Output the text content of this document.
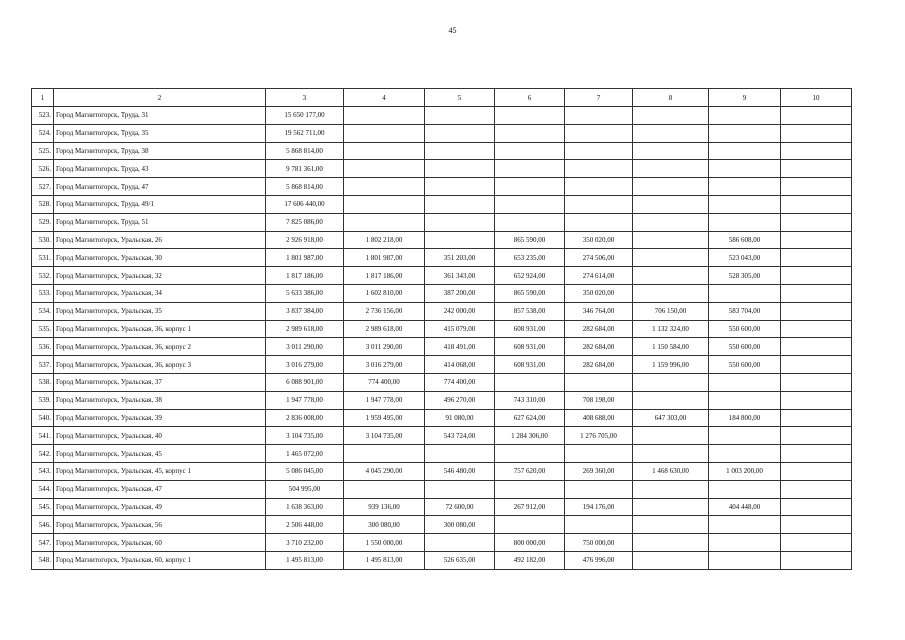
45
1	2	3	4	5	6	7	8	9	10
523.	Город Магнитогорск, Труда, 31	15 650 177,00							
524.	Город Магнитогорск, Труда, 35	19 562 711,00							
525.	Город Магнитогорск, Труда, 38	5 868 814,00							
526.	Город Магнитогорск, Труда, 43	9 781 361,00							
527.	Город Магнитогорск, Труда, 47	5 868 814,00							
528.	Город Магнитогорск, Труда, 49/1	17 606 440,00							
529.	Город Магнитогорск, Труда, 51	7 825 086,00							
530.	Город Магнитогорск, Уральская, 26	2 926 918,00	1 802 218,00		865 590,00	350 020,00		586 608,00	
531.	Город Магнитогорск, Уральская, 30	1 801 987,00	1 801 987,00	351 203,00	653 235,00	274 506,00		523 043,00	
532.	Город Магнитогорск, Уральская, 32	1 817 186,00	1 817 186,00	361 343,00	652 924,00	274 614,00		528 305,00	
533.	Город Магнитогорск, Уральская, 34	5 633 386,00	1 602 810,00	387 200,00	865 590,00	350 020,00			
534.	Город Магнитогорск, Уральская, 35	3 837 384,00	2 736 156,00	242 000,00	857 538,00	346 764,00	706 150,00	583 704,00	
535.	Город Магнитогорск, Уральская, 36, корпус 1	2 989 618,00	2 989 618,00	415 079,00	608 931,00	282 684,00	1 132 324,00	550 600,00	
536.	Город Магнитогорск, Уральская, 36, корпус 2	3 011 290,00	3 011 290,00	418 491,00	608 931,00	282 684,00	1 150 584,00	550 600,00	
537.	Город Магнитогорск, Уральская, 36, корпус 3	3 016 279,00	3 016 279,00	414 068,00	608 931,00	282 684,00	1 159 996,00	550 600,00	
538.	Город Магнитогорск, Уральская, 37	6 088 901,00	774 400,00	774 400,00					
539.	Город Магнитогорск, Уральская, 38	1 947 778,00	1 947 778,00	496 270,00	743 310,00	708 198,00			
540.	Город Магнитогорск, Уральская, 39	2 836 008,00	1 959 495,00	91 080,00	627 624,00	408 688,00	647 303,00	184 800,00	
541.	Город Магнитогорск, Уральская, 40	3 104 735,00	3 104 735,00	543 724,00	1 284 306,00	1 276 705,00			
542.	Город Магнитогорск, Уральская, 45	1 465 072,00							
543.	Город Магнитогорск, Уральская, 45, корпус 1	5 086 045,00	4 045 290,00	546 480,00	757 620,00	269 360,00	1 468 630,00	1 003 200,00	
544.	Город Магнитогорск, Уральская, 47	504 995,00							
545.	Город Магнитогорск, Уральская, 49	1 638 363,00	939 136,00	72 600,00	267 912,00	194 176,00		404 448,00	
546.	Город Магнитогорск, Уральская, 56	2 506 448,00	300 080,00	300 080,00					
547.	Город Магнитогорск, Уральская, 60	3 710 232,00	1 550 000,00		800 000,00	750 000,00			
548.	Город Магнитогорск, Уральская, 60, корпус 1	1 495 813,00	1 495 813,00	526 635,00	492 182,00	476 996,00			
